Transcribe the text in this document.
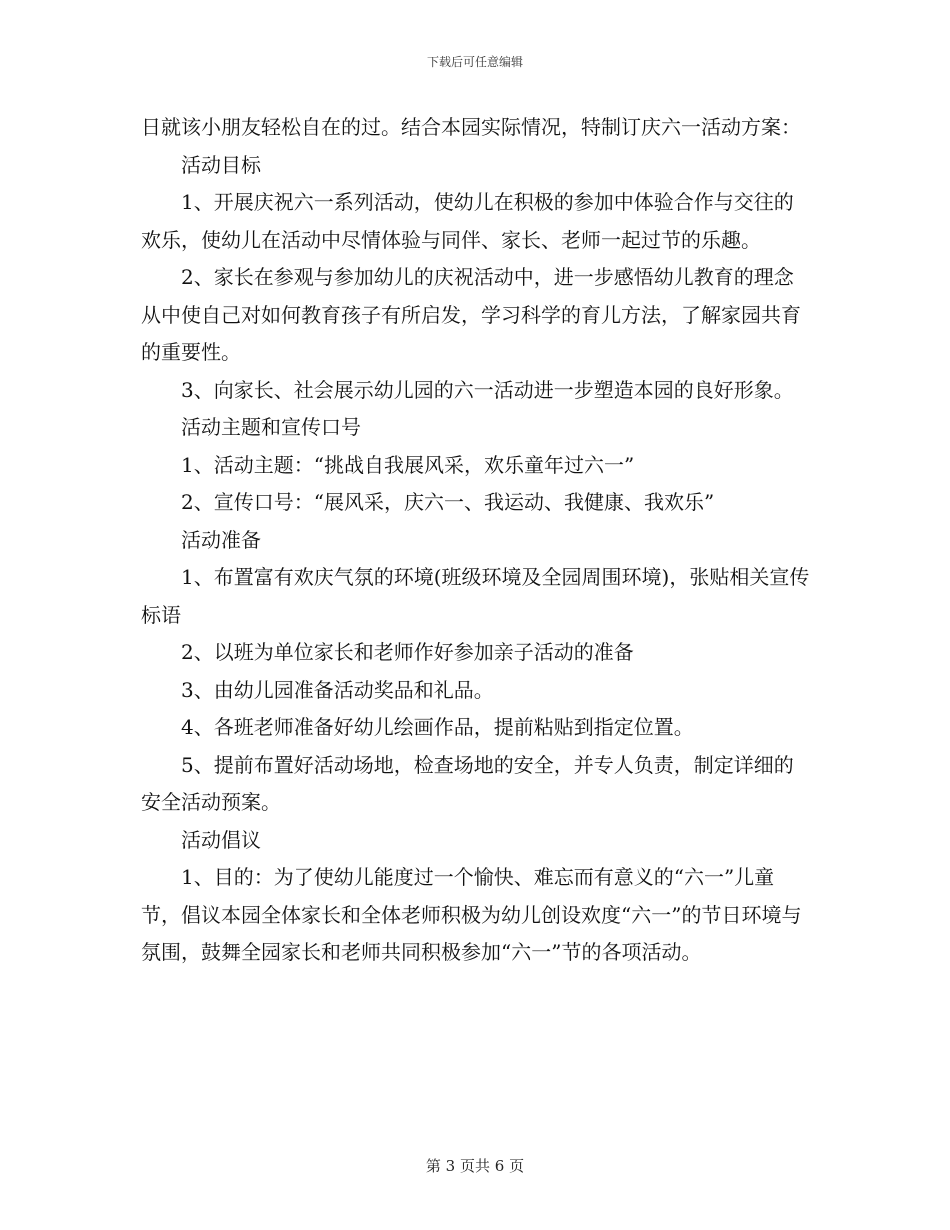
下载后可任意编辑

日就该小朋友轻松自在的过。结合本园实际情况，特制订庆六一活动方案：

活动目标

1、开展庆祝六一系列活动，使幼儿在积极的参加中体验合作与交往的欢乐，使幼儿在活动中尽情体验与同伴、家长、老师一起过节的乐趣。

2、家长在参观与参加幼儿的庆祝活动中，进一步感悟幼儿教育的理念从中使自己对如何教育孩子有所启发，学习科学的育儿方法，了解家园共育的重要性。

3、向家长、社会展示幼儿园的六一活动进一步塑造本园的良好形象。

活动主题和宣传口号

1、活动主题：“挑战自我展风采，欢乐童年过六一”

2、宣传口号：“展风采，庆六一、我运动、我健康、我欢乐”

活动准备

1、布置富有欢庆气氛的环境(班级环境及全园周围环境)，张贴相关宣传标语

2、以班为单位家长和老师作好参加亲子活动的准备

3、由幼儿园准备活动奖品和礼品。

4、各班老师准备好幼儿绘画作品，提前粘贴到指定位置。

5、提前布置好活动场地，检查场地的安全，并专人负责，制定详细的安全活动预案。

活动倡议

1、目的：为了使幼儿能度过一个愉快、难忘而有意义的“六一”儿童节，倡议本园全体家长和全体老师积极为幼儿创设欢度“六一”的节日环境与氛围，鼓舞全园家长和老师共同积极参加“六一”节的各项活动。

第 3 页共 6 页
